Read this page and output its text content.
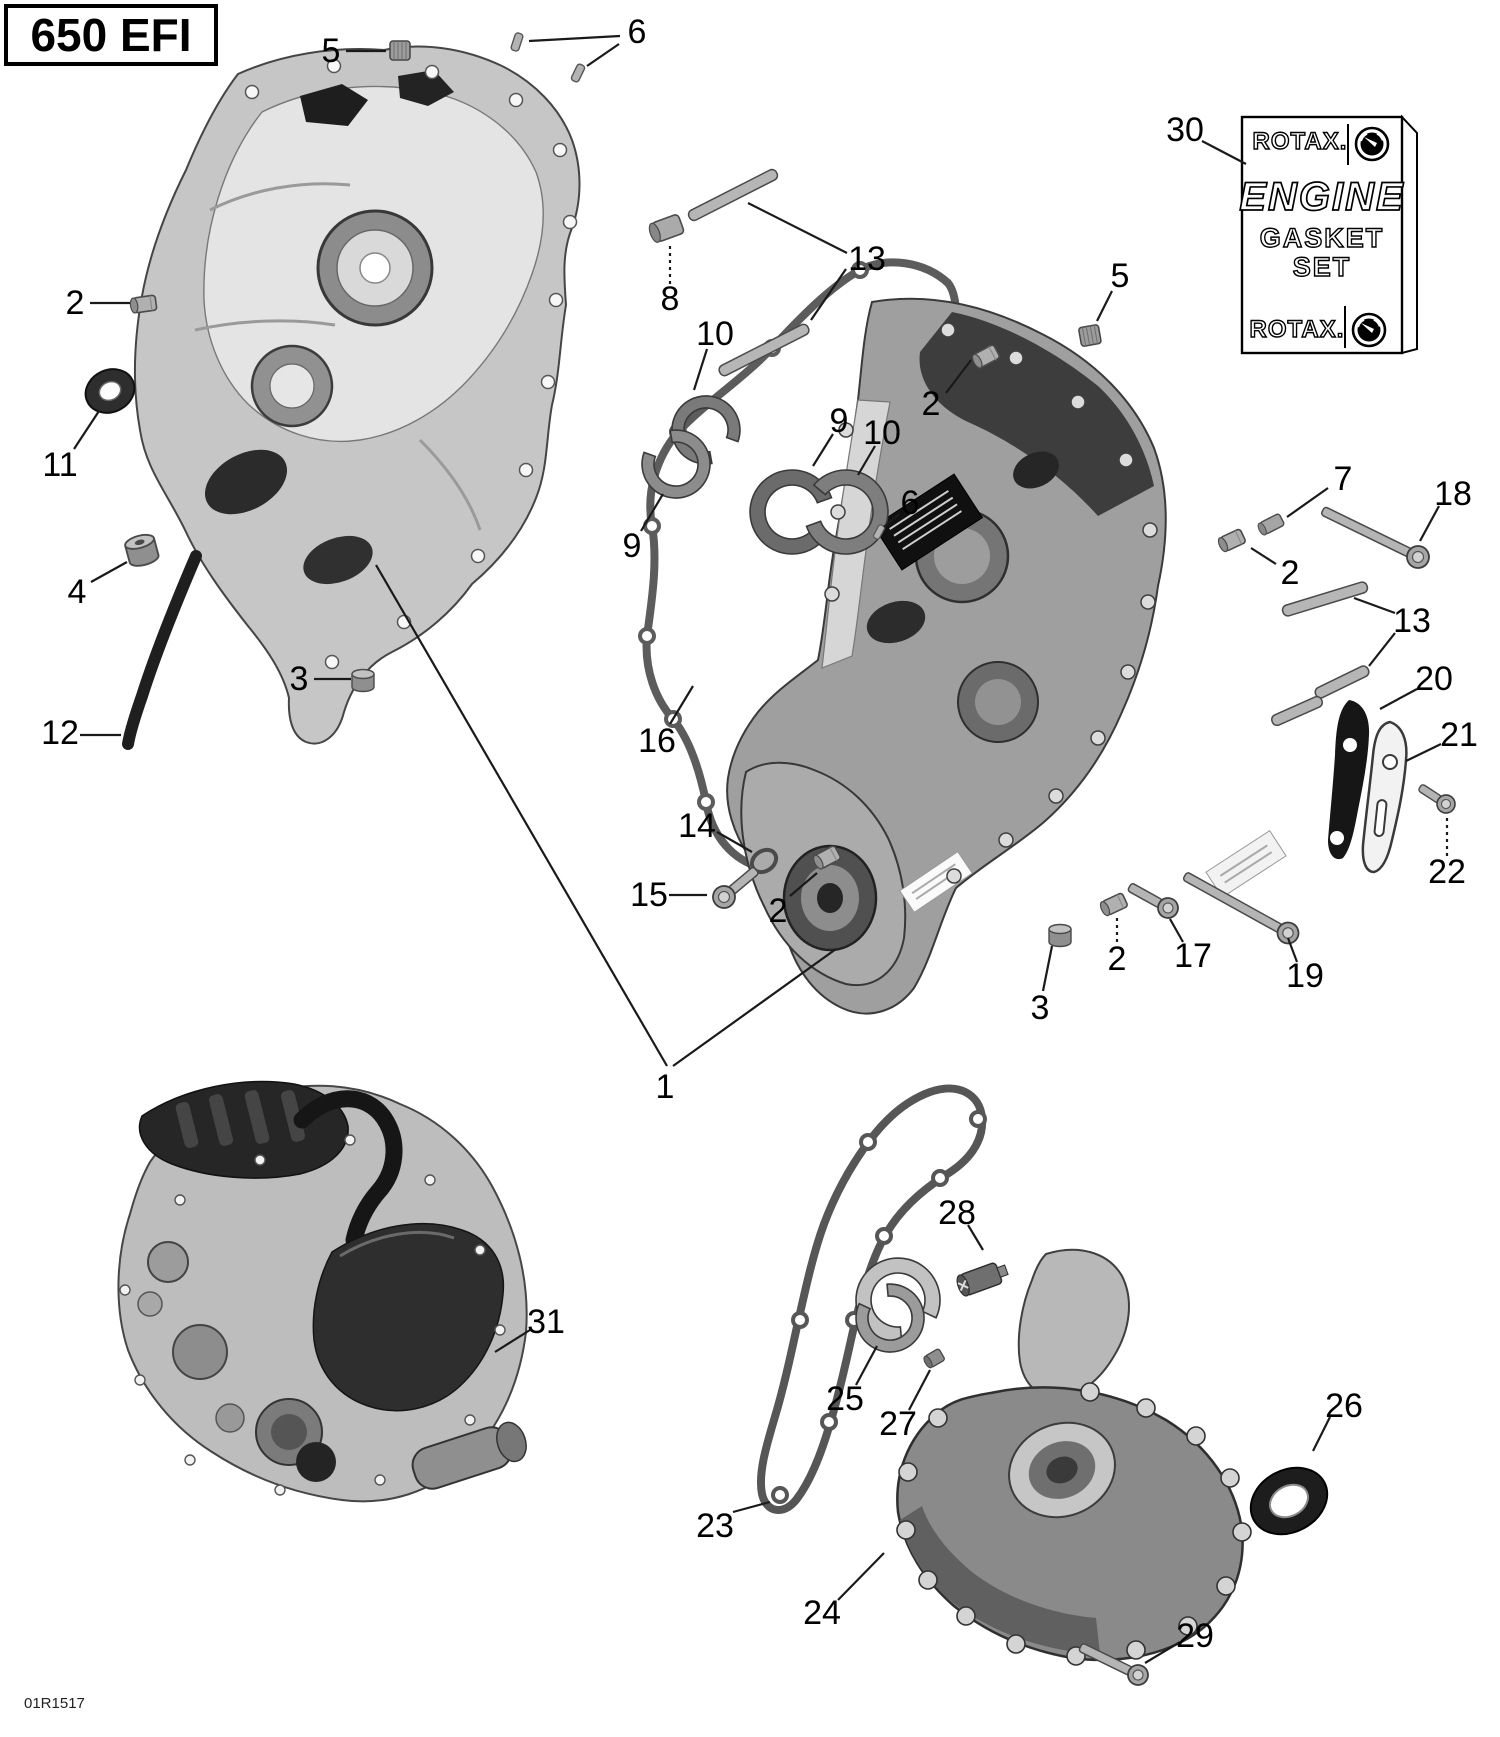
ROTAX.
ENGINE
GASKET
SET
ROTAX.
5	6
30
2
11
4
3
12
8
13
10
9
9 10
2
6
5
7 18
2
13
20
21
22
16
14
15	2
1
3
2 17
19
31
28
25
27
23
24
26
29
650 EFI
01R1517
